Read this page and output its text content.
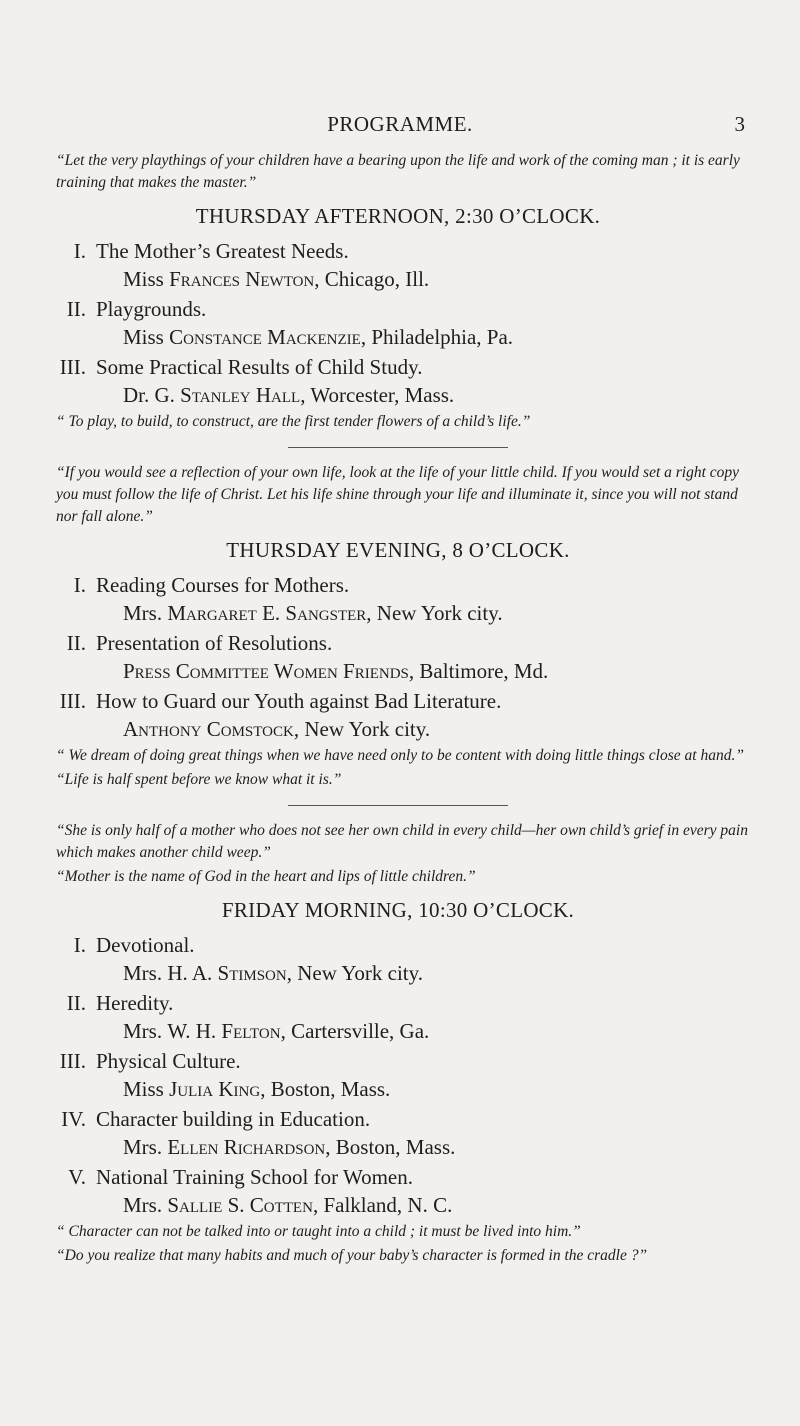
PROGRAMME.	3

“Let the very playthings of your children have a bearing upon the life and work of the coming man ; it is early training that makes the master.”

THURSDAY AFTERNOON, 2:30 O’CLOCK.
I. The Mother’s Greatest Needs.
Miss Frances Newton, Chicago, Ill.
II. Playgrounds.
Miss Constance Mackenzie, Philadelphia, Pa.
III. Some Practical Results of Child Study.
Dr. G. Stanley Hall, Worcester, Mass.

“ To play, to build, to construct, are the first tender flowers of a child’s life.”

“If you would see a reflection of your own life, look at the life of your little child. If you would set a right copy you must follow the life of Christ. Let his life shine through your life and illuminate it, since you will not stand nor fall alone.”

THURSDAY EVENING, 8 O’CLOCK.
I. Reading Courses for Mothers.
Mrs. Margaret E. Sangster, New York city.
II. Presentation of Resolutions.
Press Committee Women Friends, Baltimore, Md.
III. How to Guard our Youth against Bad Literature.
Anthony Comstock, New York city.

“ We dream of doing great things when we have need only to be content with doing little things close at hand.”

“Life is half spent before we know what it is.”

“She is only half of a mother who does not see her own child in every child—her own child’s grief in every pain which makes another child weep.”

“Mother is the name of God in the heart and lips of little children.”

FRIDAY MORNING, 10:30 O’CLOCK.
I. Devotional.
Mrs. H. A. Stimson, New York city.
II. Heredity.
Mrs. W. H. Felton, Cartersville, Ga.
III. Physical Culture.
Miss Julia King, Boston, Mass.
IV. Character building in Education.
Mrs. Ellen Richardson, Boston, Mass.
V. National Training School for Women.
Mrs. Sallie S. Cotten, Falkland, N. C.

“ Character can not be talked into or taught into a child ; it must be lived into him.”

“Do you realize that many habits and much of your baby’s character is formed in the cradle ?”
